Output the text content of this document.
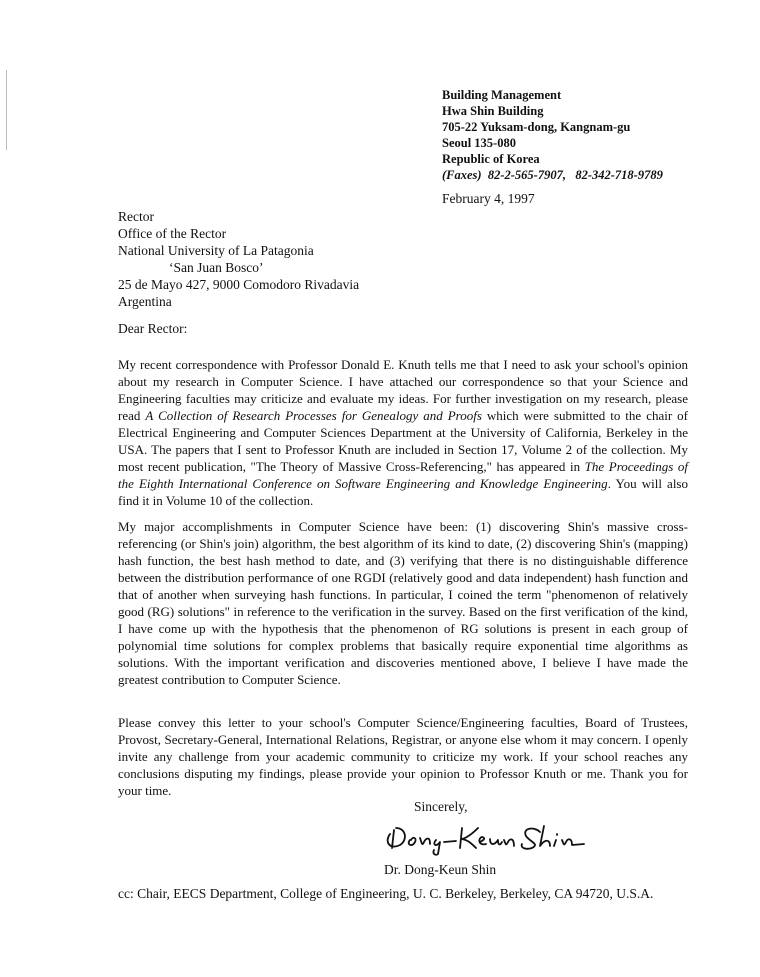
Building Management
Hwa Shin Building
705-22 Yuksam-dong, Kangnam-gu
Seoul 135-080
Republic of Korea
(Faxes) 82-2-565-7907, 82-342-718-9789
February 4, 1997
Rector
Office of the Rector
National University of La Patagonia
‘San Juan Bosco’
25 de Mayo 427, 9000 Comodoro Rivadavia
Argentina
Dear Rector:

My recent correspondence with Professor Donald E. Knuth tells me that I need to ask your school's opinion about my research in Computer Science. I have attached our correspondence so that your Science and Engineering faculties may criticize and evaluate my ideas. For further investigation on my research, please read A Collection of Research Processes for Genealogy and Proofs which were submitted to the chair of Electrical Engineering and Computer Sciences Department at the University of California, Berkeley in the USA. The papers that I sent to Professor Knuth are included in Section 17, Volume 2 of the collection. My most recent publication, "The Theory of Massive Cross-Referencing," has appeared in The Proceedings of the Eighth International Conference on Software Engineering and Knowledge Engineering. You will also find it in Volume 10 of the collection.

My major accomplishments in Computer Science have been: (1) discovering Shin's massive cross-referencing (or Shin's join) algorithm, the best algorithm of its kind to date, (2) discovering Shin's (mapping) hash function, the best hash method to date, and (3) verifying that there is no distinguishable difference between the distribution performance of one RGDI (relatively good and data independent) hash function and that of another when surveying hash functions. In particular, I coined the term "phenomenon of relatively good (RG) solutions" in reference to the verification in the survey. Based on the first verification of the kind, I have come up with the hypothesis that the phenomenon of RG solutions is present in each group of polynomial time solutions for complex problems that basically require exponential time algorithms as solutions. With the important verification and discoveries mentioned above, I believe I have made the greatest contribution to Computer Science.

Please convey this letter to your school's Computer Science/Engineering faculties, Board of Trustees, Provost, Secretary-General, International Relations, Registrar, or anyone else whom it may concern. I openly invite any challenge from your academic community to criticize my work. If your school reaches any conclusions disputing my findings, please provide your opinion to Professor Knuth or me. Thank you for your time.

Sincerely,
Dr. Dong-Keun Shin
cc: Chair, EECS Department, College of Engineering, U. C. Berkeley, Berkeley, CA 94720, U.S.A.
